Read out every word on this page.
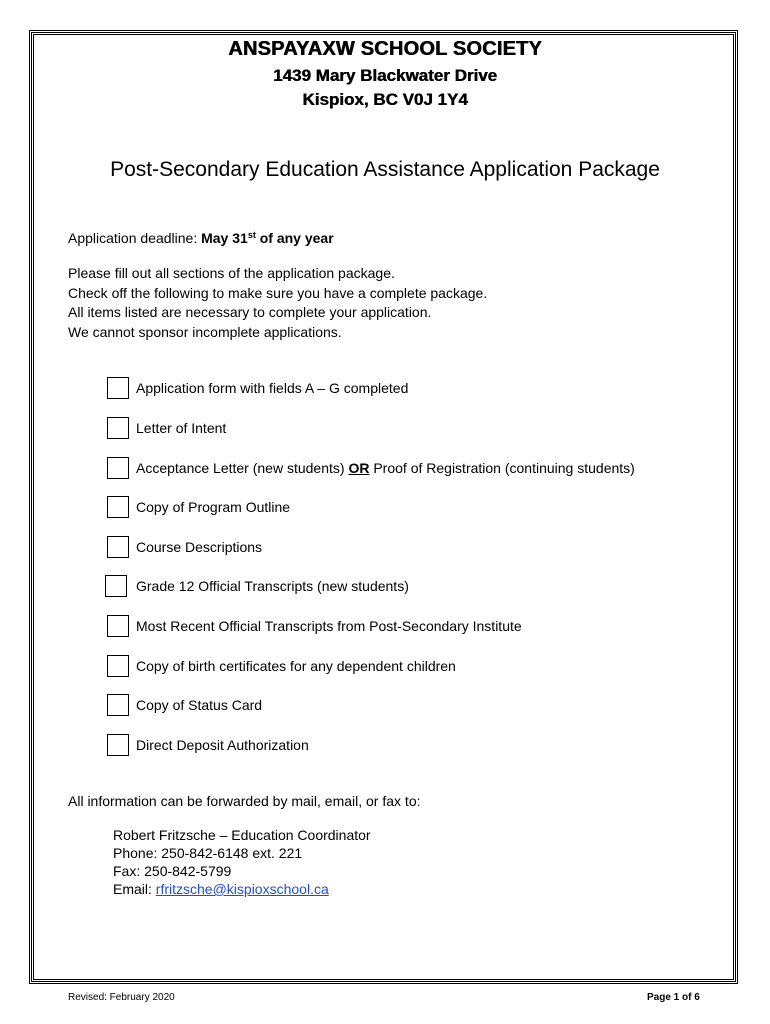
ANSPAYAXW SCHOOL SOCIETY
1439 Mary Blackwater Drive
Kispiox, BC V0J 1Y4
Post-Secondary Education Assistance Application Package
Application deadline: May 31st of any year
Please fill out all sections of the application package.
Check off the following to make sure you have a complete package.
All items listed are necessary to complete your application.
We cannot sponsor incomplete applications.
Application form with fields A – G completed
Letter of Intent
Acceptance Letter (new students) OR Proof of Registration (continuing students)
Copy of Program Outline
Course Descriptions
Grade 12 Official Transcripts (new students)
Most Recent Official Transcripts from Post-Secondary Institute
Copy of birth certificates for any dependent children
Copy of Status Card
Direct Deposit Authorization
All information can be forwarded by mail, email, or fax to:
Robert Fritzsche – Education Coordinator
Phone: 250-842-6148 ext. 221
Fax: 250-842-5799
Email: rfritzsche@kispioxschool.ca
Revised: February 2020	Page 1 of 6
